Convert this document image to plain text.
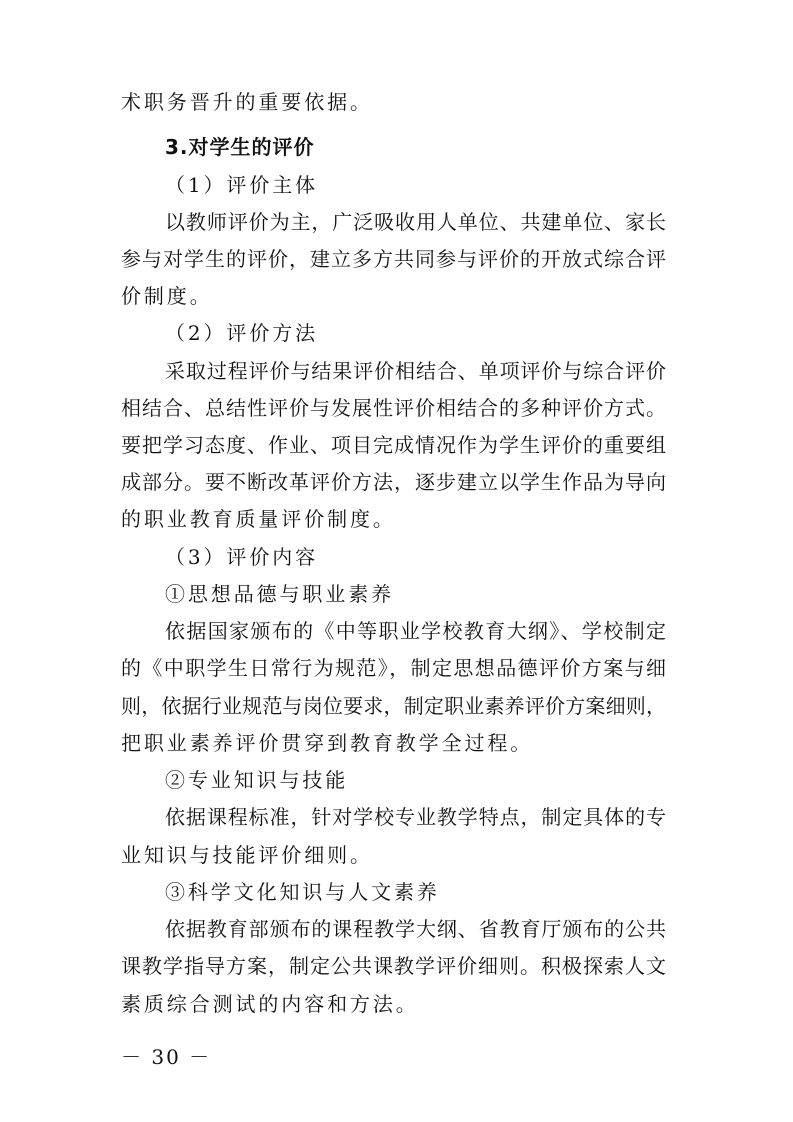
术职务晋升的重要依据。
3.对学生的评价
（1）评价主体
以教师评价为主，广泛吸收用人单位、共建单位、家长
参与对学生的评价，建立多方共同参与评价的开放式综合评
价制度。
（2）评价方法
采取过程评价与结果评价相结合、单项评价与综合评价
相结合、总结性评价与发展性评价相结合的多种评价方式。
要把学习态度、作业、项目完成情况作为学生评价的重要组
成部分。要不断改革评价方法，逐步建立以学生作品为导向
的职业教育质量评价制度。
（3）评价内容
①思想品德与职业素养
依据国家颁布的《中等职业学校教育大纲》、学校制定
的《中职学生日常行为规范》，制定思想品德评价方案与细
则，依据行业规范与岗位要求，制定职业素养评价方案细则，
把职业素养评价贯穿到教育教学全过程。
②专业知识与技能
依据课程标准，针对学校专业教学特点，制定具体的专
业知识与技能评价细则。
③科学文化知识与人文素养
依据教育部颁布的课程教学大纲、省教育厅颁布的公共
课教学指导方案，制定公共课教学评价细则。积极探索人文
素质综合测试的内容和方法。
－ 30 －
